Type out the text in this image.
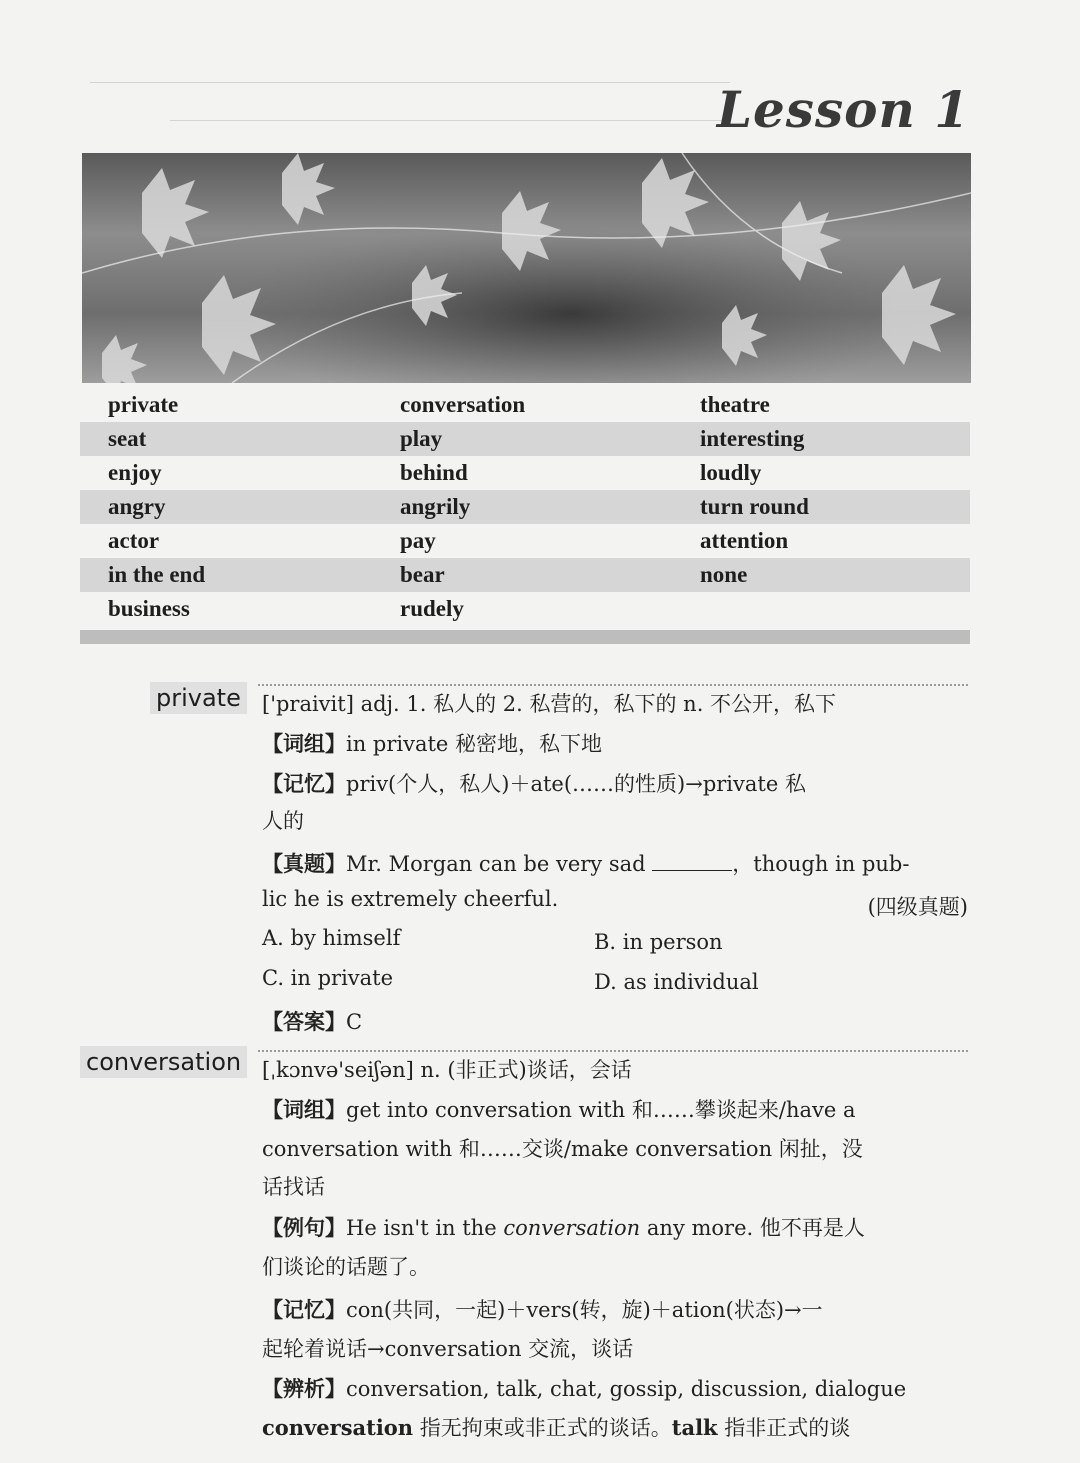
Lesson 1
private	conversation	theatre
seat	play	interesting
enjoy	behind	loudly
angry	angrily	turn round
actor	pay	attention
in the end	bear	none
business	rudely
private ['praivit] adj. 1. 私人的 2. 私营的，私下的 n. 不公开，私下
【词组】in private 秘密地，私下地
【记忆】priv(个人，私人)＋ate(……的性质)→private 私
人的
【真题】Mr. Morgan can be very sad	，though in pub-
lic he is extremely cheerful.	(四级真题)
A. by himself	B. in person
C. in private	D. as individual
【答案】C
conversation [ˌkɔnvə'seiʃən] n. (非正式)谈话，会话
【词组】get into conversation with 和……攀谈起来/have a
conversation with 和……交谈/make conversation 闲扯，没
话找话
【例句】He isn't in the conversation any more. 他不再是人
们谈论的话题了。
【记忆】con(共同，一起)＋vers(转，旋)＋ation(状态)→一
起轮着说话→conversation 交流，谈话
【辨析】conversation, talk, chat, gossip, discussion, dialogue
conversation 指无拘束或非正式的谈话。talk 指非正式的谈
